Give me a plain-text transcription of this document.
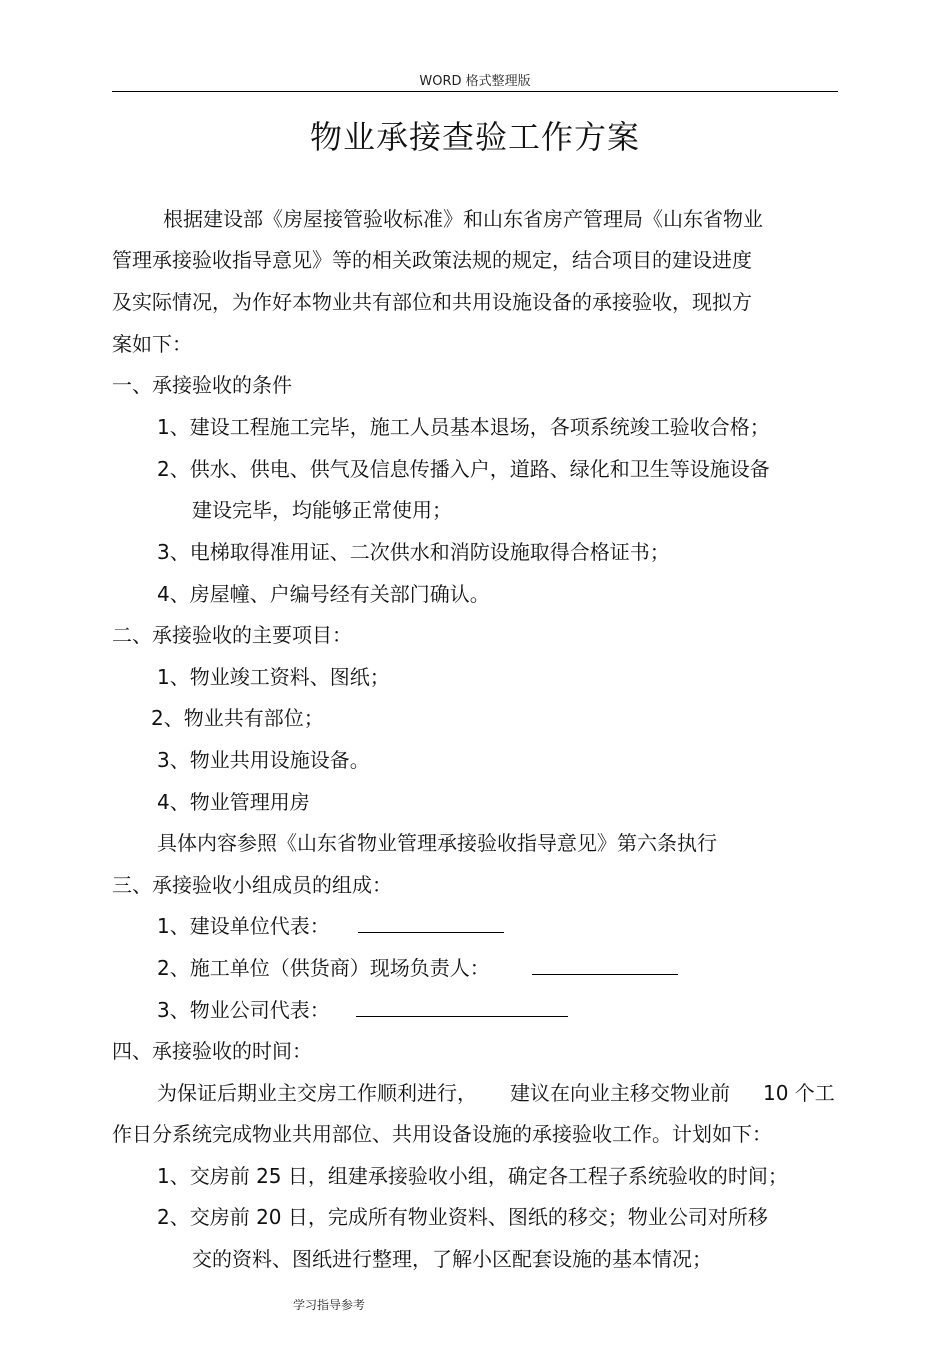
WORD 格式整理版
物业承接查验工作方案
根据建设部《房屋接管验收标准》和山东省房产管理局《山东省物业
管理承接验收指导意见》等的相关政策法规的规定，结合项目的建设进度
及实际情况，为作好本物业共有部位和共用设施设备的承接验收，现拟方
案如下：
一、承接验收的条件
1、建设工程施工完毕，施工人员基本退场，各项系统竣工验收合格；
2、供水、供电、供气及信息传播入户，道路、绿化和卫生等设施设备
建设完毕，均能够正常使用；
3、电梯取得准用证、二次供水和消防设施取得合格证书；
4、房屋幢、户编号经有关部门确认。
二、承接验收的主要项目：
1、物业竣工资料、图纸；
2、物业共有部位；
3、物业共用设施设备。
4、物业管理用房
具体内容参照《山东省物业管理承接验收指导意见》第六条执行
三、承接验收小组成员的组成：
1、建设单位代表：
2、施工单位（供货商）现场负责人：
3、物业公司代表：
四、承接验收的时间：
为保证后期业主交房工作顺利进行， 建议在向业主移交物业前 10 个工
作日分系统完成物业共用部位、共用设备设施的承接验收工作。计划如下：
1、交房前 25 日，组建承接验收小组，确定各工程子系统验收的时间；
2、交房前 20 日，完成所有物业资料、图纸的移交；物业公司对所移
交的资料、图纸进行整理，了解小区配套设施的基本情况；
学习指导参考
